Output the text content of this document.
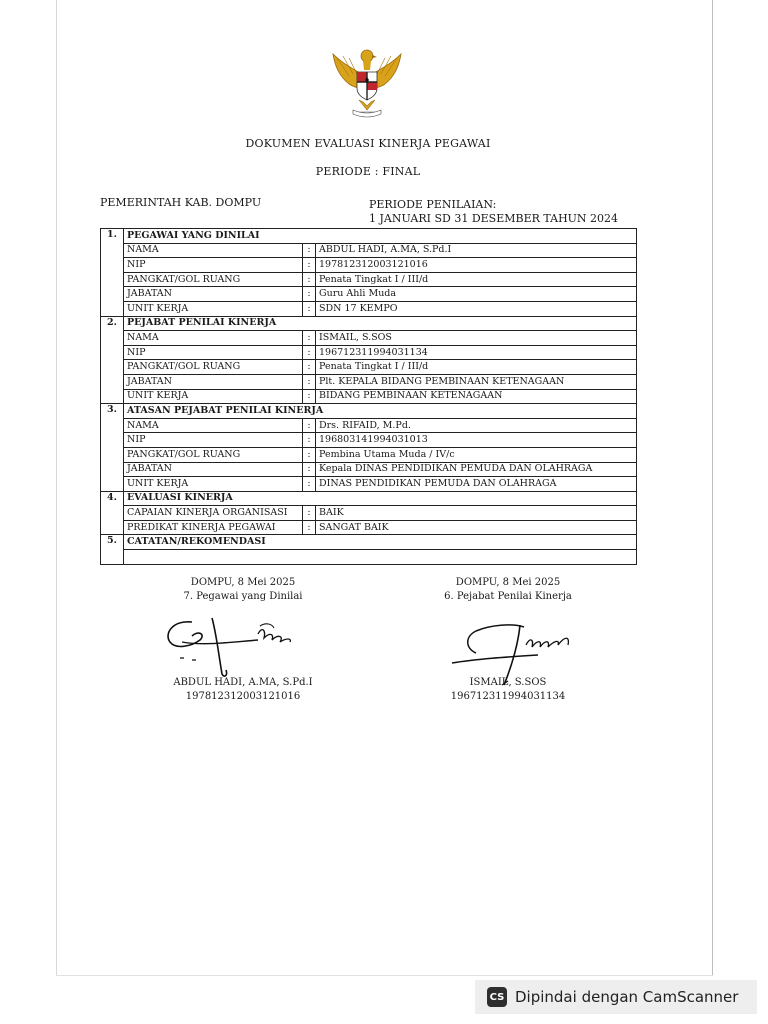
DOKUMEN EVALUASI KINERJA PEGAWAI
PERIODE : FINAL
PEMERINTAH KAB. DOMPU	PERIODE PENILAIAN:
1 JANUARI SD 31 DESEMBER TAHUN 2024
1.	PEGAWAI YANG DINILAI		
	NAMA	:	ABDUL HADI, A.MA, S.Pd.I
	NIP	:	197812312003121016
	PANGKAT/GOL RUANG	:	Penata Tingkat I / III/d
	JABATAN	:	Guru Ahli Muda
	UNIT KERJA	:	SDN 17 KEMPO
2.	PEJABAT PENILAI KINERJA		
	NAMA	:	ISMAIL, S.SOS
	NIP	:	196712311994031134
	PANGKAT/GOL RUANG	:	Penata Tingkat I / III/d
	JABATAN	:	Plt. KEPALA BIDANG PEMBINAAN KETENAGAAN
	UNIT KERJA	:	BIDANG PEMBINAAN KETENAGAAN
3.	ATASAN PEJABAT PENILAI KINERJA		
	NAMA	:	Drs. RIFAID, M.Pd.
	NIP	:	196803141994031013
	PANGKAT/GOL RUANG	:	Pembina Utama Muda / IV/c
	JABATAN	:	Kepala DINAS PENDIDIKAN PEMUDA DAN OLAHRAGA
	UNIT KERJA	:	DINAS PENDIDIKAN PEMUDA DAN OLAHRAGA
4.	EVALUASI KINERJA		
	CAPAIAN KINERJA ORGANISASI	:	BAIK
	PREDIKAT KINERJA PEGAWAI	:	SANGAT BAIK
5.	CATATAN/REKOMENDASI		

DOMPU, 8 Mei 2025
7. Pegawai yang Dinilai
ABDUL HADI, A.MA, S.Pd.I
197812312003121016
DOMPU, 8 Mei 2025
6. Pejabat Penilai Kinerja
ISMAIL, S.SOS
196712311994031134
CS Dipindai dengan CamScanner
